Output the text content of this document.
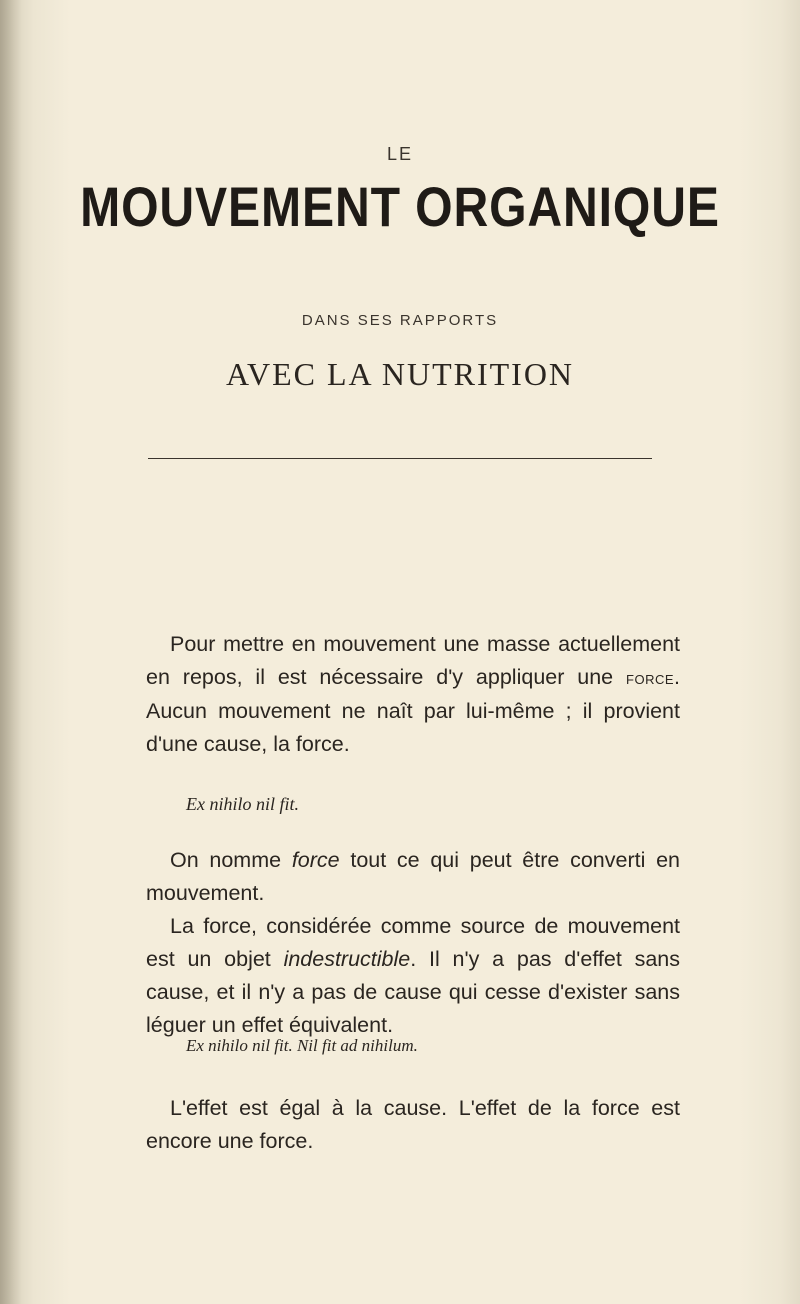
LE
MOUVEMENT ORGANIQUE
DANS SES RAPPORTS
AVEC LA NUTRITION
Pour mettre en mouvement une masse actuellement en repos, il est nécessaire d'y appliquer une force. Aucun mouvement ne naît par lui-même ; il provient d'une cause, la force.
Ex nihilo nil fit.
On nomme force tout ce qui peut être converti en mouvement.
La force, considérée comme source de mouvement est un objet indestructible. Il n'y a pas d'effet sans cause, et il n'y a pas de cause qui cesse d'exister sans léguer un effet équivalent.
Ex nihilo nil fit. Nil fit ad nihilum.
L'effet est égal à la cause. L'effet de la force est encore une force.
